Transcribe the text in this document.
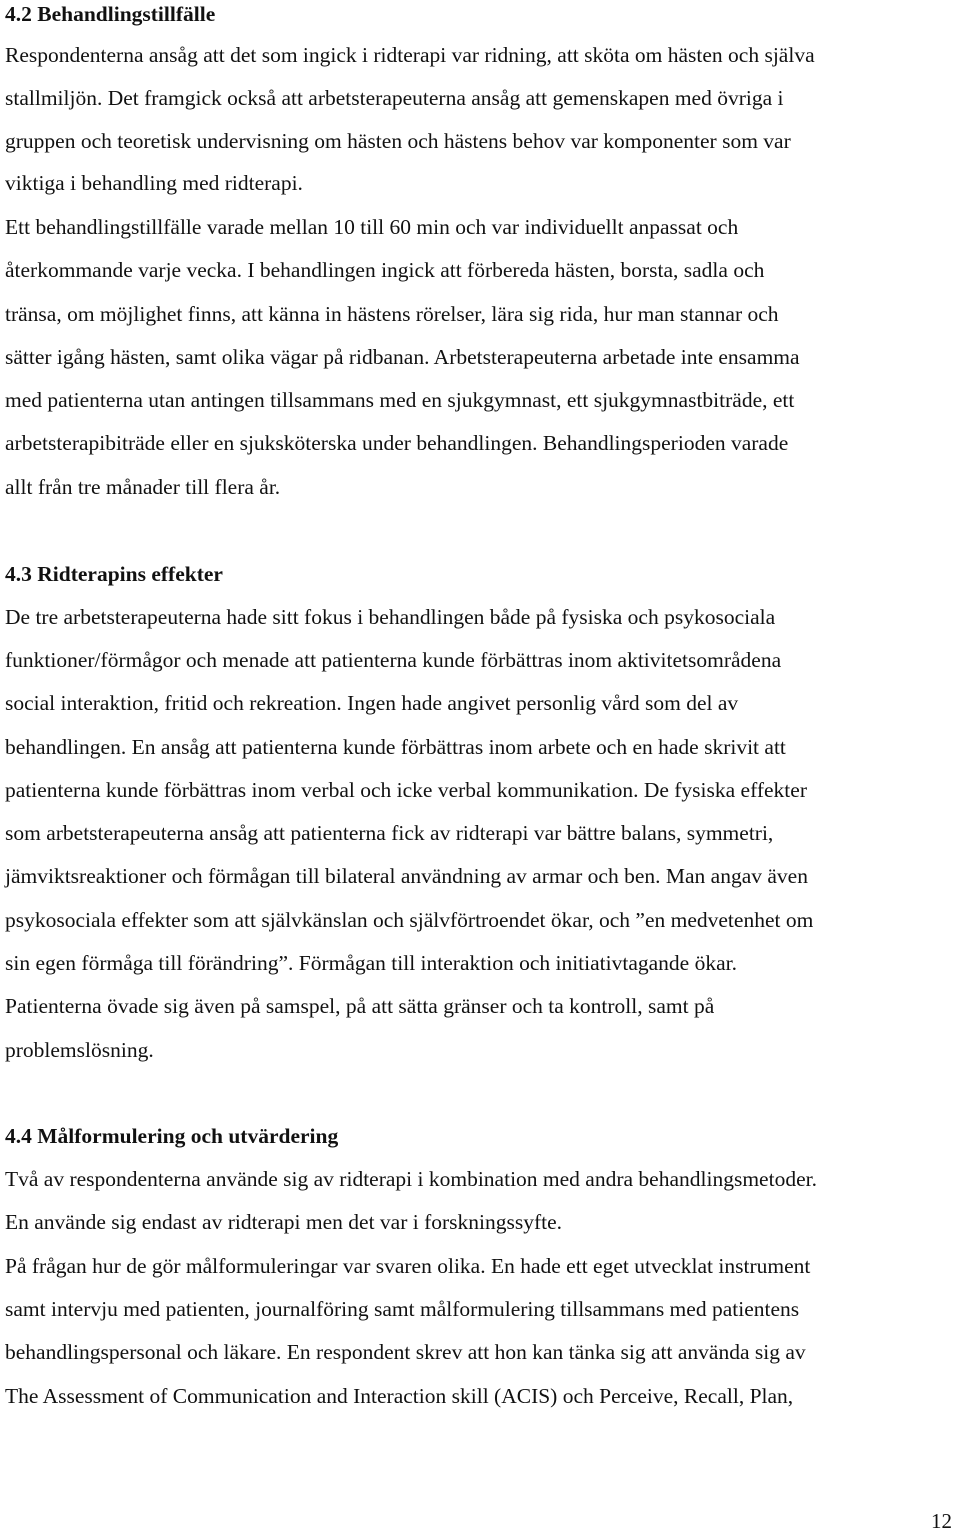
4.2 Behandlingstillfälle
Respondenterna ansåg att det som ingick i ridterapi var ridning, att sköta om hästen och själva
stallmiljön. Det framgick också att arbetsterapeuterna ansåg att gemenskapen med övriga i
gruppen och teoretisk undervisning om hästen och hästens behov var komponenter som var
viktiga i behandling med ridterapi.
Ett behandlingstillfälle varade mellan 10 till 60 min och var individuellt anpassat och
återkommande varje vecka. I behandlingen ingick att förbereda hästen, borsta, sadla och
tränsa, om möjlighet finns, att känna in hästens rörelser, lära sig rida, hur man stannar och
sätter igång hästen, samt olika vägar på ridbanan. Arbetsterapeuterna arbetade inte ensamma
med patienterna utan antingen tillsammans med en sjukgymnast, ett sjukgymnastbiträde, ett
arbetsterapibiträde eller en sjuksköterska under behandlingen. Behandlingsperioden varade
allt från tre månader till flera år.
4.3 Ridterapins effekter
De tre arbetsterapeuterna hade sitt fokus i behandlingen både på fysiska och psykosociala
funktioner/förmågor och menade att patienterna kunde förbättras inom aktivitetsområdena
social interaktion, fritid och rekreation. Ingen hade angivet personlig vård som del av
behandlingen. En ansåg att patienterna kunde förbättras inom arbete och en hade skrivit att
patienterna kunde förbättras inom verbal och icke verbal kommunikation. De fysiska effekter
som arbetsterapeuterna ansåg att patienterna fick av ridterapi var bättre balans, symmetri,
jämviktsreaktioner och förmågan till bilateral användning av armar och ben. Man angav även
psykosociala effekter som att självkänslan och självförtroendet ökar, och ”en medvetenhet om
sin egen förmåga till förändring”. Förmågan till interaktion och initiativtagande ökar.
Patienterna övade sig även på samspel, på att sätta gränser och ta kontroll, samt på
problemslösning.
4.4 Målformulering och utvärdering
Två av respondenterna använde sig av ridterapi i kombination med andra behandlingsmetoder.
En använde sig endast av ridterapi men det var i forskningssyfte.
På frågan hur de gör målformuleringar var svaren olika. En hade ett eget utvecklat instrument
samt intervju med patienten, journalföring samt målformulering tillsammans med patientens
behandlingspersonal och läkare. En respondent skrev att hon kan tänka sig att använda sig av
The Assessment of Communication and Interaction skill (ACIS) och Perceive, Recall, Plan,
12
